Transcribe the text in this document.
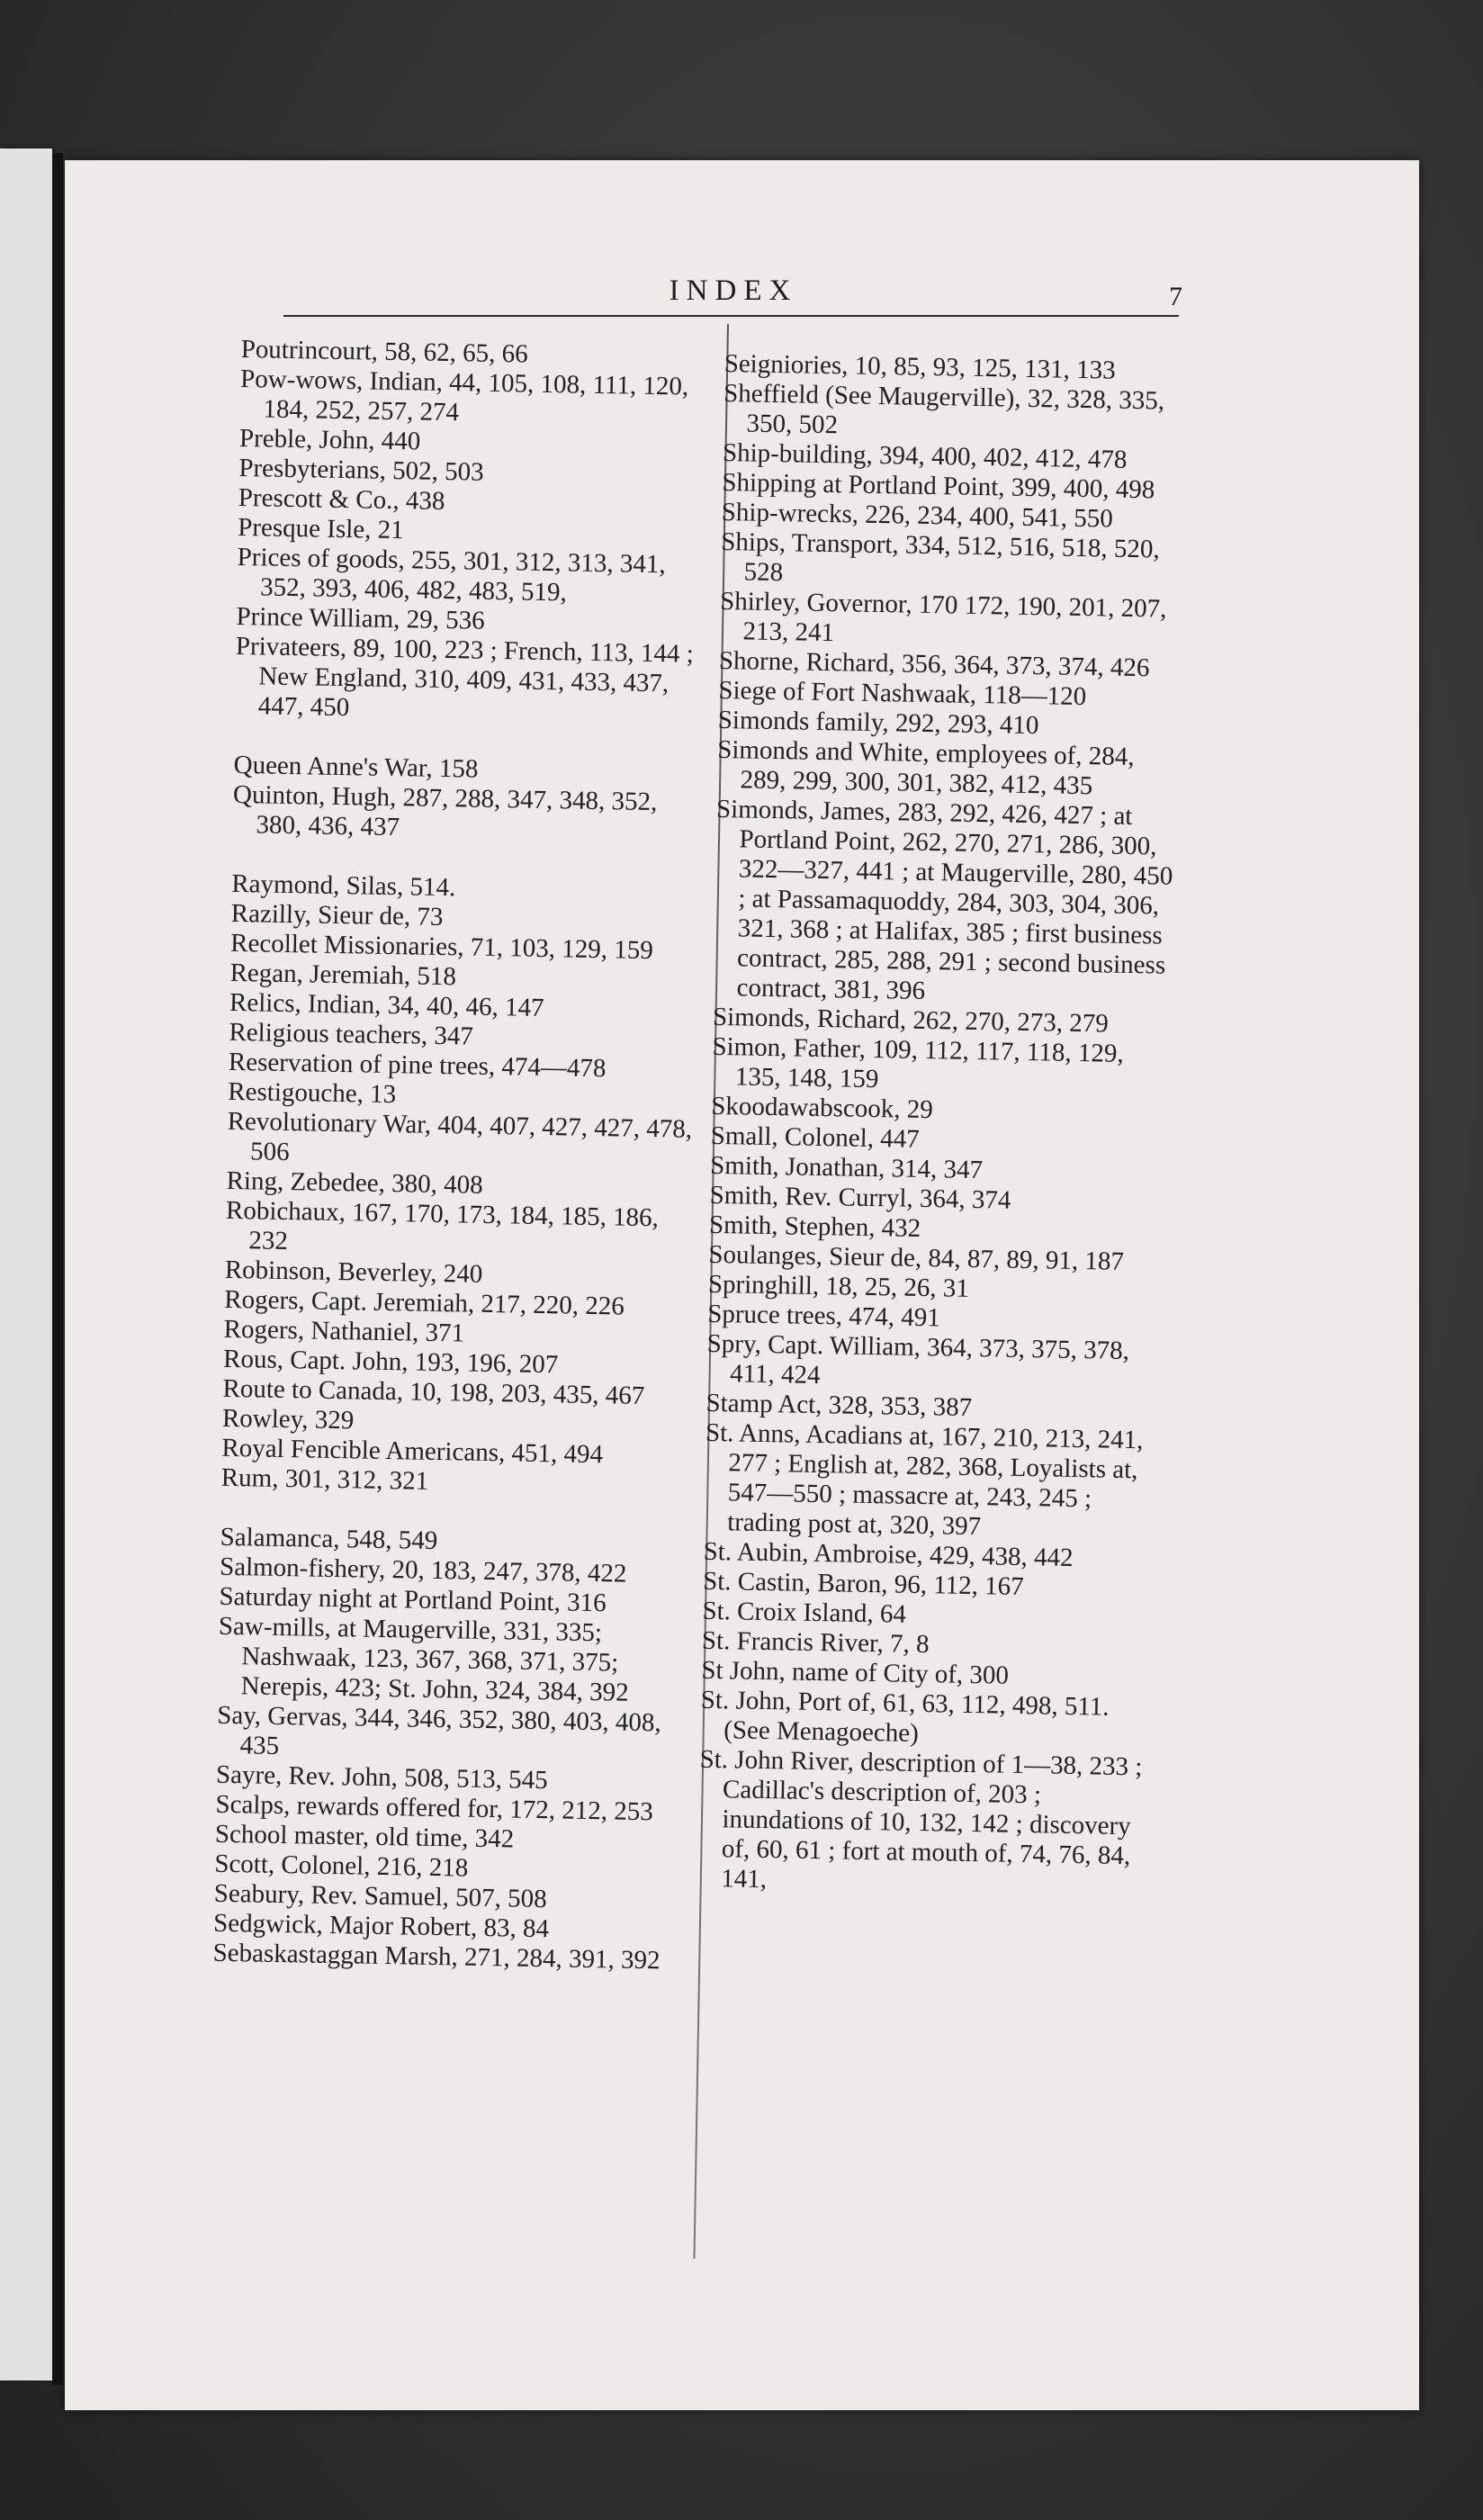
INDEX	7
Poutrincourt, 58, 62, 65, 66
Pow-wows, Indian, 44, 105, 108, 111, 120, 184, 252, 257, 274
Preble, John, 440
Presbyterians, 502, 503
Prescott & Co., 438
Presque Isle, 21
Prices of goods, 255, 301, 312, 313, 341, 352, 393, 406, 482, 483, 519,
Prince William, 29, 536
Privateers, 89, 100, 223 ; French, 113, 144 ; New England, 310, 409, 431, 433, 437, 447, 450
Queen Anne's War, 158
Quinton, Hugh, 287, 288, 347, 348, 352, 380, 436, 437
Raymond, Silas, 514.
Razilly, Sieur de, 73
Recollet Missionaries, 71, 103, 129, 159
Regan, Jeremiah, 518
Relics, Indian, 34, 40, 46, 147
Religious teachers, 347
Reservation of pine trees, 474—478
Restigouche, 13
Revolutionary War, 404, 407, 427, 427, 478, 506
Ring, Zebedee, 380, 408
Robichaux, 167, 170, 173, 184, 185, 186, 232
Robinson, Beverley, 240
Rogers, Capt. Jeremiah, 217, 220, 226
Rogers, Nathaniel, 371
Rous, Capt. John, 193, 196, 207
Route to Canada, 10, 198, 203, 435, 467
Rowley, 329
Royal Fencible Americans, 451, 494
Rum, 301, 312, 321
Salamanca, 548, 549
Salmon-fishery, 20, 183, 247, 378, 422
Saturday night at Portland Point, 316
Saw-mills, at Maugerville, 331, 335; Nashwaak, 123, 367, 368, 371, 375; Nerepis, 423; St. John, 324, 384, 392
Say, Gervas, 344, 346, 352, 380, 403, 408, 435
Sayre, Rev. John, 508, 513, 545
Scalps, rewards offered for, 172, 212, 253
School master, old time, 342
Scott, Colonel, 216, 218
Seabury, Rev. Samuel, 507, 508
Sedgwick, Major Robert, 83, 84
Sebaskastaggan Marsh, 271, 284, 391, 392
Seigniories, 10, 85, 93, 125, 131, 133
Sheffield (See Maugerville), 32, 328, 335, 350, 502
Ship-building, 394, 400, 402, 412, 478
Shipping at Portland Point, 399, 400, 498
Ship-wrecks, 226, 234, 400, 541, 550
Ships, Transport, 334, 512, 516, 518, 520, 528
Shirley, Governor, 170 172, 190, 201, 207, 213, 241
Shorne, Richard, 356, 364, 373, 374, 426
Siege of Fort Nashwaak, 118—120
Simonds family, 292, 293, 410
Simonds and White, employees of, 284, 289, 299, 300, 301, 382, 412, 435
Simonds, James, 283, 292, 426, 427 ; at Portland Point, 262, 270, 271, 286, 300, 322—327, 441 ; at Maugerville, 280, 450 ; at Passamaquoddy, 284, 303, 304, 306, 321, 368 ; at Halifax, 385 ; first business contract, 285, 288, 291 ; second business contract, 381, 396
Simonds, Richard, 262, 270, 273, 279
Simon, Father, 109, 112, 117, 118, 129, 135, 148, 159
Skoodawabscook, 29
Small, Colonel, 447
Smith, Jonathan, 314, 347
Smith, Rev. Curryl, 364, 374
Smith, Stephen, 432
Soulanges, Sieur de, 84, 87, 89, 91, 187
Springhill, 18, 25, 26, 31
Spruce trees, 474, 491
Spry, Capt. William, 364, 373, 375, 378, 411, 424
Stamp Act, 328, 353, 387
St. Anns, Acadians at, 167, 210, 213, 241, 277 ; English at, 282, 368, Loyalists at, 547—550 ; massacre at, 243, 245 ; trading post at, 320, 397
St. Aubin, Ambroise, 429, 438, 442
St. Castin, Baron, 96, 112, 167
St. Croix Island, 64
St. Francis River, 7, 8
St John, name of City of, 300
St. John, Port of, 61, 63, 112, 498, 511. (See Menagoeche)
St. John River, description of 1—38, 233 ; Cadillac's description of, 203 ; inundations of 10, 132, 142 ; discovery of, 60, 61 ; fort at mouth of, 74, 76, 84, 141,
